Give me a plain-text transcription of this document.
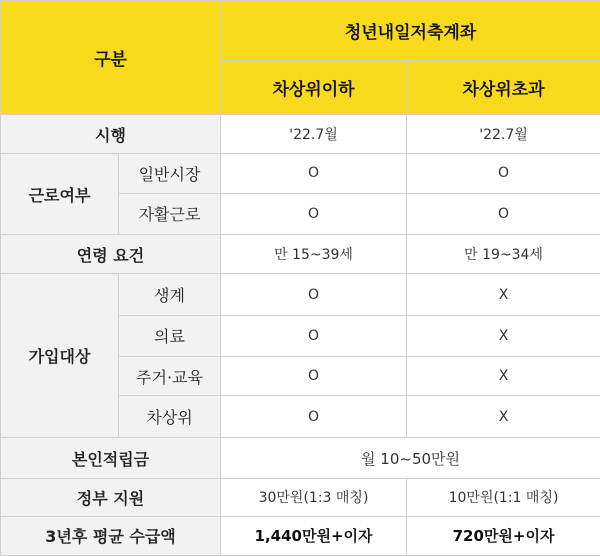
구분		청년내일저축계좌	
		차상위이하	차상위초과
시행		'22.7월	'22.7월
근로여부	일반시장	O	O
	자활근로	O	O
연령 요건		만 15~39세	만 19~34세
가입대상	생계	O	X
	의료	O	X
	주거·교육	O	X
	차상위	O	X
본인적립금		월 10~50만원	
정부 지원		30만원(1:3 매칭)	10만원(1:1 매칭)
3년후 평균 수급액		1,440만원+이자	720만원+이자
